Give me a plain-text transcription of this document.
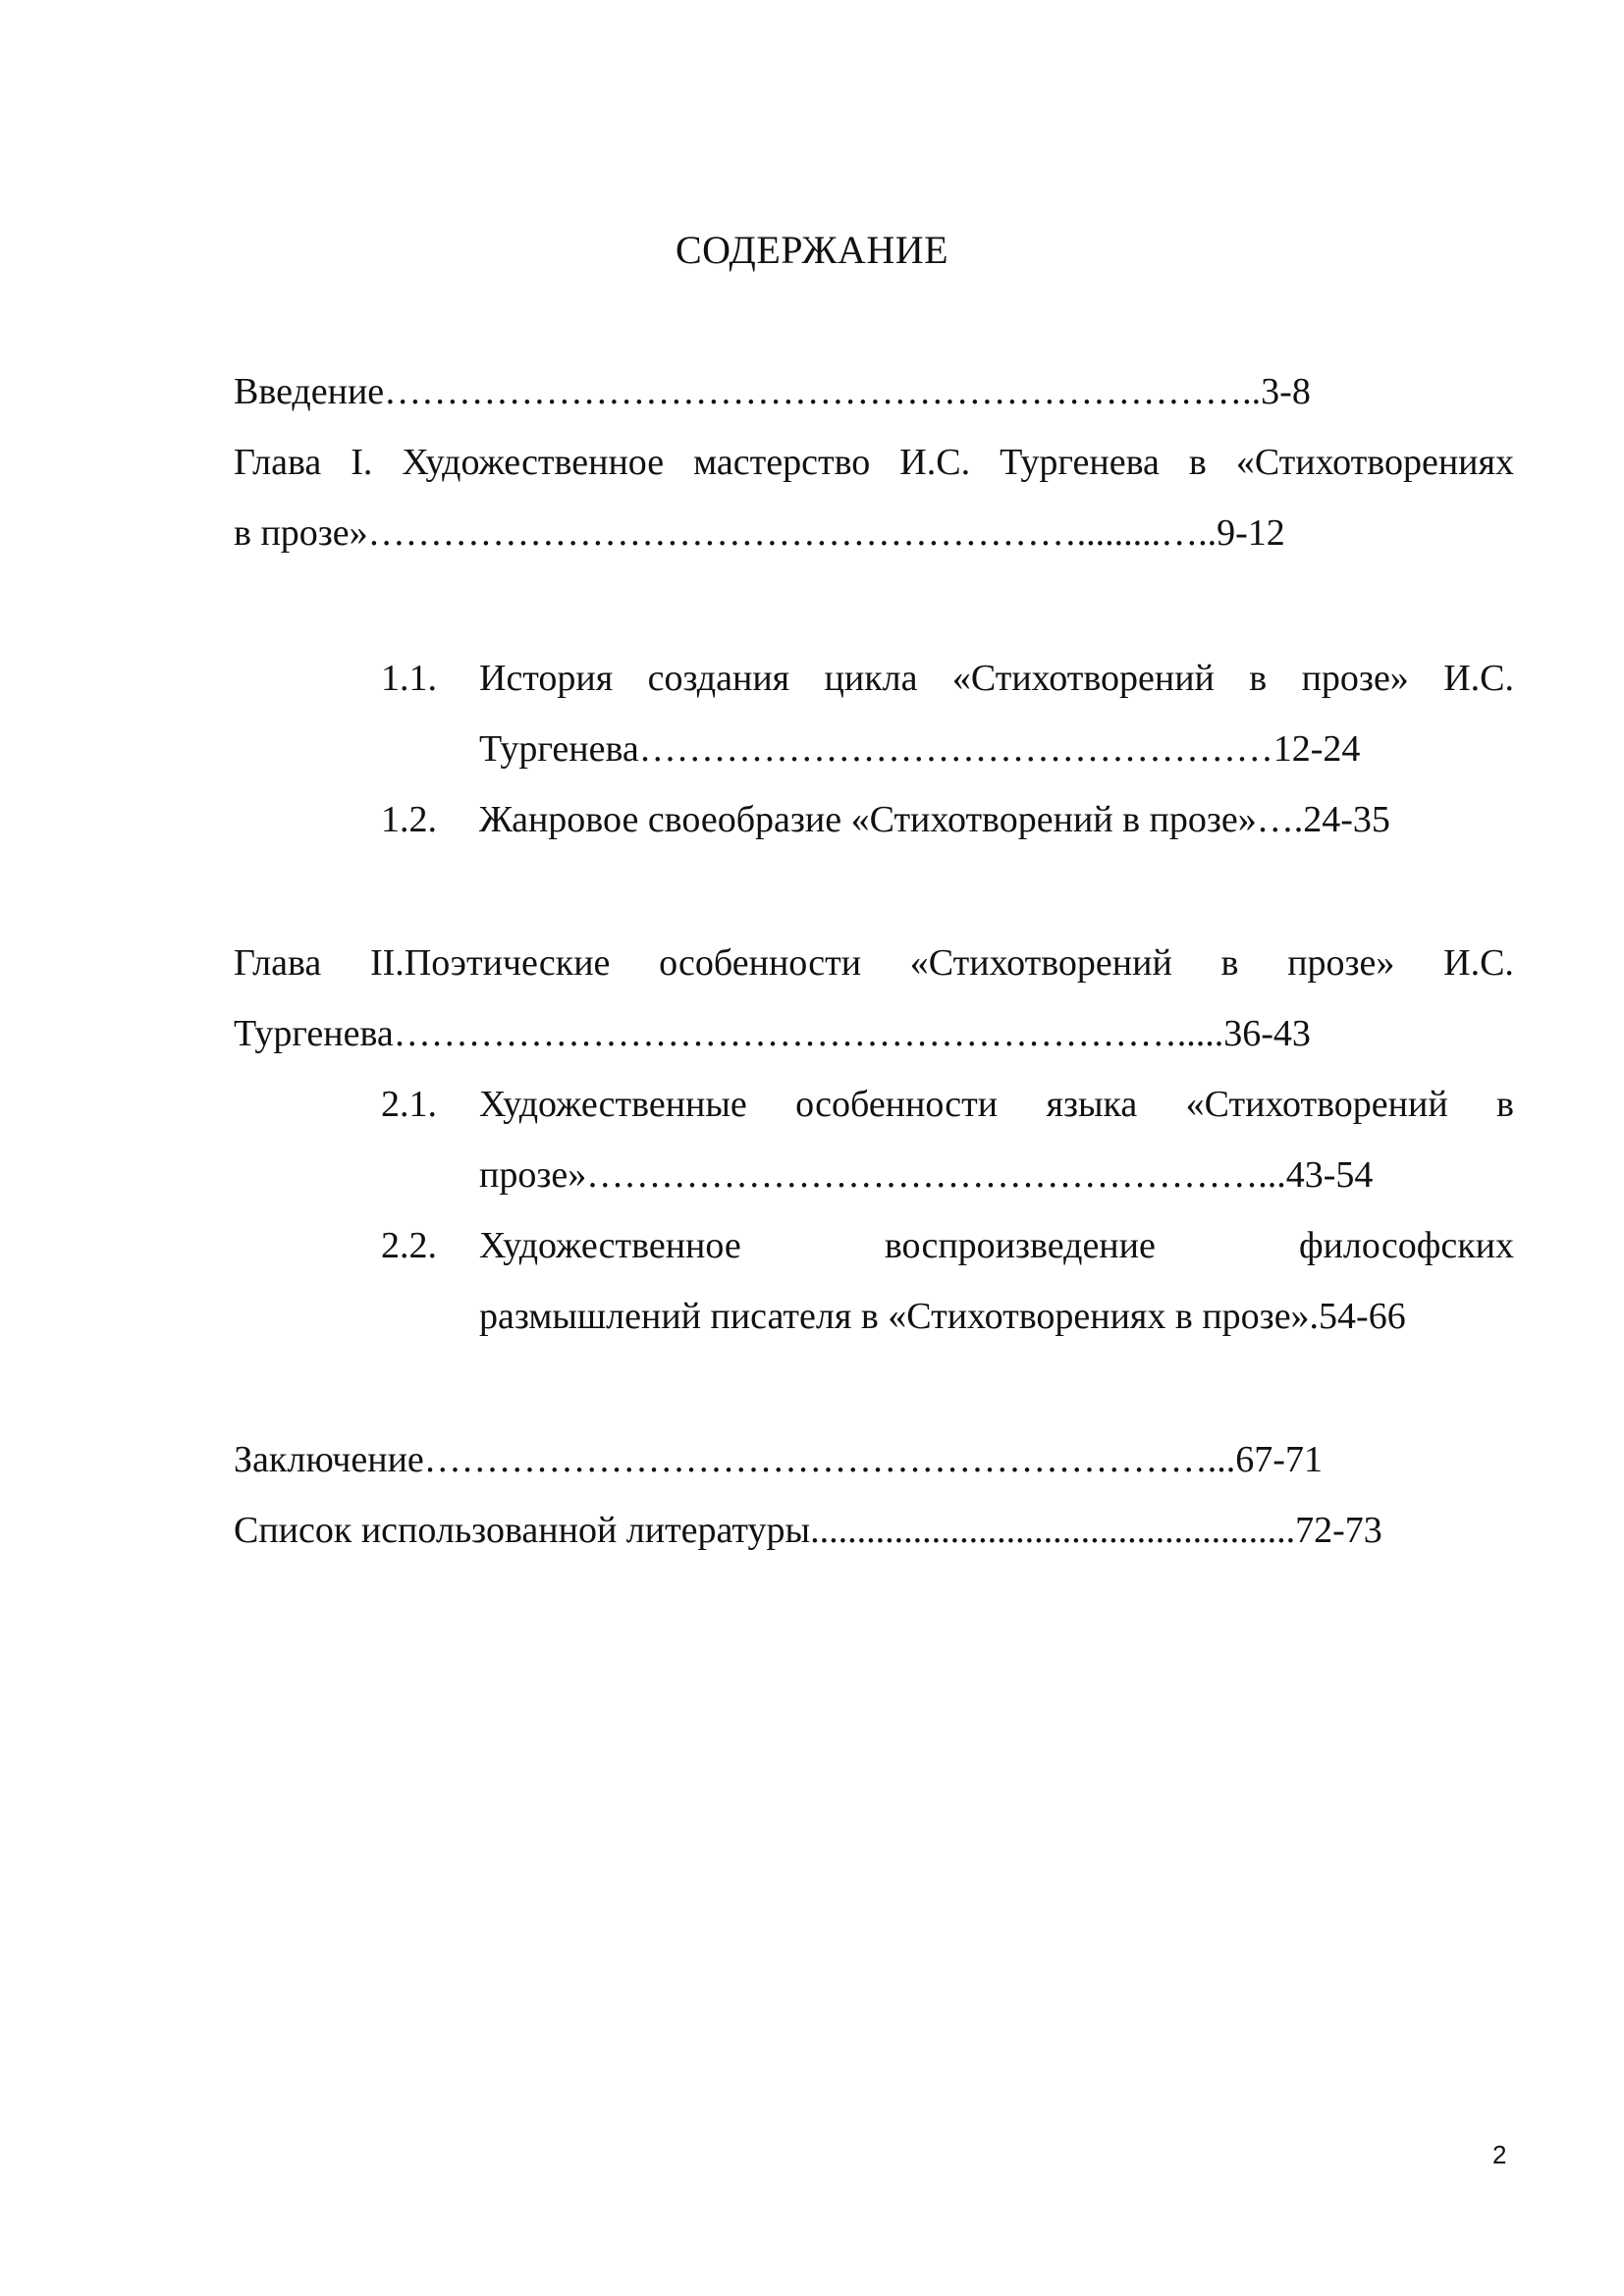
СОДЕРЖАНИЕ
Введение……………………………………………………………..3-8
Глава I. Художественное мастерство И.С. Тургенева в «Стихотворениях
в прозе»………………………………………………….........…..9-12
1.1. История создания цикла «Стихотворений в прозе» И.С.
Тургенева……………………………………………12-24
1.2. Жанровое своеобразие «Стихотворений в прозе»….24-35
Глава II.Поэтические особенности «Стихотворений в прозе» И.С.
Тургенева……………………………………………………….....36-43
2.1. Художественные особенности языка «Стихотворений в
прозе»………………………………………………...43-54
2.2. Художественное	воспроизведение	философских
размышлений писателя в «Стихотворениях в прозе».54-66
Заключение………………………………………………………...67-71
Список использованной литературы....................................................72-73
2
